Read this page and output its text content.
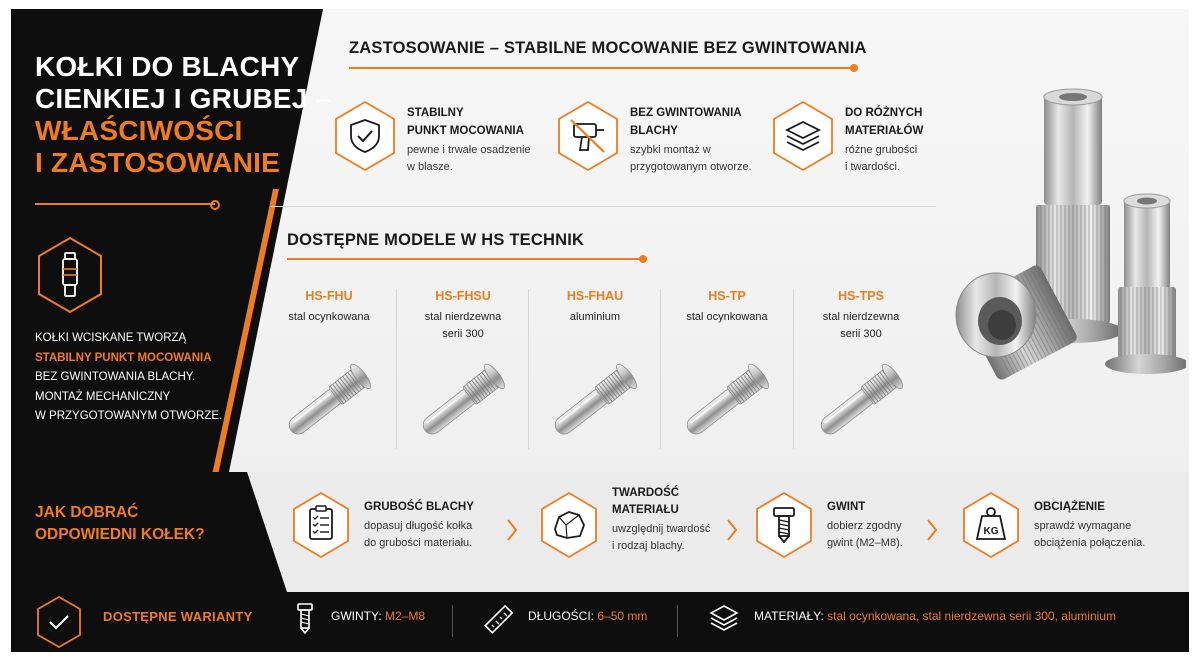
KOŁKI DO BLACHY
CIENKIEJ I GRUBEJ –
WŁAŚCIWOŚCI
I ZASTOSOWANIE
KOŁKI WCISKANE TWORZĄ
STABILNY PUNKT MOCOWANIA
BEZ GWINTOWANIA BLACHY.
MONTAŻ MECHANICZNY
W PRZYGOTOWANYM OTWORZE.
ZASTOSOWANIE – STABILNE MOCOWANIE BEZ GWINTOWANIA
STABILNY
PUNKT MOCOWANIA
pewne i trwałe osadzenie
w blasze.
BEZ GWINTOWANIA
BLACHY
szybki montaż w
przygotowanym otworze.
DO RÓŻNYCH
MATERIAŁÓW
różne grubości
i twardości.
DOSTĘPNE MODELE W HS TECHNIK
HS-FHU
stal ocynkowana
HS-FHSU
stal nierdzewna
serii 300
HS-FHAU
aluminium
HS-TP
stal ocynkowana
HS-TPS
stal nierdzewna
serii 300
JAK DOBRAĆ
ODPOWIEDNI KOŁEK?
GRUBOŚĆ BLACHY
dopasuj długość kołka
do grubości materiału.
TWARDOŚĆ
MATERIAŁU
uwzględnij twardość
i rodzaj blachy.
GWINT
dobierz zgodny
gwint (M2–M8).
KG
OBCIĄŻENIE
sprawdź wymagane
obciążenia połączenia.
DOSTĘPNE WARIANTY	GWINTY: M2–M8	DŁUGOŚCI: 6–50 mm	MATERIAŁY: stal ocynkowana, stal nierdzewna serii 300, aluminium
